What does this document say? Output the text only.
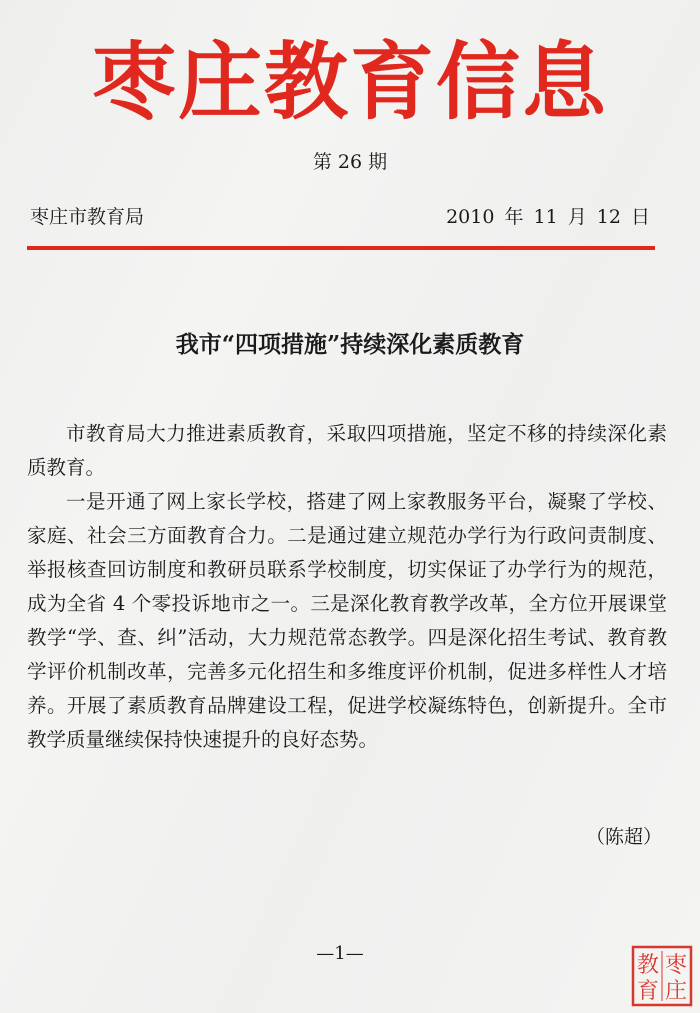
枣庄教育信息
第 26 期
枣庄市教育局	2010 年 11 月 12 日
我市“四项措施”持续深化素质教育

市教育局大力推进素质教育，采取四项措施，坚定不移的持续深化素质教育。

一是开通了网上家长学校，搭建了网上家教服务平台，凝聚了学校、家庭、社会三方面教育合力。二是通过建立规范办学行为行政问责制度、举报核查回访制度和教研员联系学校制度，切实保证了办学行为的规范，成为全省 4 个零投诉地市之一。三是深化教育教学改革，全方位开展课堂教学“学、查、纠”活动，大力规范常态教学。四是深化招生考试、教育教学评价机制改革，完善多元化招生和多维度评价机制，促进多样性人才培养。开展了素质教育品牌建设工程，促进学校凝练特色，创新提升。全市教学质量继续保持快速提升的良好态势。

（陈超）
—1—	枣
庄
教
育
